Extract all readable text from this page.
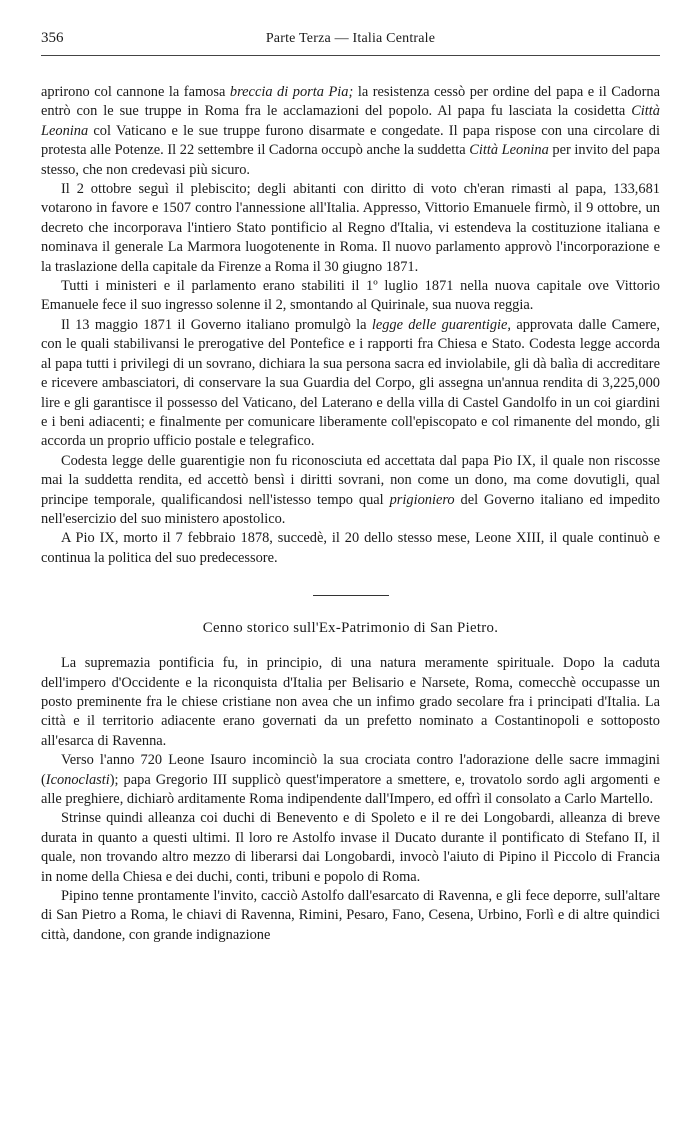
356	Parte Terza — Italia Centrale

aprirono col cannone la famosa breccia di porta Pia; la resistenza cessò per ordine del papa e il Cadorna entrò con le sue truppe in Roma fra le acclamazioni del popolo. Al papa fu lasciata la cosidetta Città Leonina col Vaticano e le sue truppe furono disarmate e congedate. Il papa rispose con una circolare di protesta alle Potenze. Il 22 settembre il Cadorna occupò anche la suddetta Città Leonina per invito del papa stesso, che non credevasi più sicuro.

Il 2 ottobre seguì il plebiscito; degli abitanti con diritto di voto ch'eran rimasti al papa, 133,681 votarono in favore e 1507 contro l'annessione all'Italia. Appresso, Vittorio Emanuele firmò, il 9 ottobre, un decreto che incorporava l'intiero Stato pontificio al Regno d'Italia, vi estendeva la costituzione italiana e nominava il generale La Marmora luogotenente in Roma. Il nuovo parlamento approvò l'incorporazione e la traslazione della capitale da Firenze a Roma il 30 giugno 1871.

Tutti i ministeri e il parlamento erano stabiliti il 1º luglio 1871 nella nuova capitale ove Vittorio Emanuele fece il suo ingresso solenne il 2, smontando al Quirinale, sua nuova reggia.

Il 13 maggio 1871 il Governo italiano promulgò la legge delle guarentigie, approvata dalle Camere, con le quali stabilivansi le prerogative del Pontefice e i rapporti fra Chiesa e Stato. Codesta legge accorda al papa tutti i privilegi di un sovrano, dichiara la sua persona sacra ed inviolabile, gli dà balìa di accreditare e ricevere ambasciatori, di conservare la sua Guardia del Corpo, gli assegna un'annua rendita di 3,225,000 lire e gli garantisce il possesso del Vaticano, del Laterano e della villa di Castel Gandolfo in un coi giardini e i beni adiacenti; e finalmente per comunicare liberamente coll'episcopato e col rimanente del mondo, gli accorda un proprio ufficio postale e telegrafico.

Codesta legge delle guarentigie non fu riconosciuta ed accettata dal papa Pio IX, il quale non riscosse mai la suddetta rendita, ed accettò bensì i diritti sovrani, non come un dono, ma come dovutigli, qual principe temporale, qualificandosi nell'istesso tempo qual prigioniero del Governo italiano ed impedito nell'esercizio del suo ministero apostolico.

A Pio IX, morto il 7 febbraio 1878, succedè, il 20 dello stesso mese, Leone XIII, il quale continuò e continua la politica del suo predecessore.

Cenno storico sull'Ex-Patrimonio di San Pietro.

La supremazia pontificia fu, in principio, di una natura meramente spirituale. Dopo la caduta dell'impero d'Occidente e la riconquista d'Italia per Belisario e Narsete, Roma, comecchè occupasse un posto preminente fra le chiese cristiane non avea che un infimo grado secolare fra i principati d'Italia. La città e il territorio adiacente erano governati da un prefetto nominato a Costantinopoli e sottoposto all'esarca di Ravenna.

Verso l'anno 720 Leone Isauro incominciò la sua crociata contro l'adorazione delle sacre immagini (Iconoclasti); papa Gregorio III supplicò quest'imperatore a smettere, e, trovatolo sordo agli argomenti e alle preghiere, dichiarò arditamente Roma indipendente dall'Impero, ed offrì il consolato a Carlo Martello.

Strinse quindi alleanza coi duchi di Benevento e di Spoleto e il re dei Longobardi, alleanza di breve durata in quanto a questi ultimi. Il loro re Astolfo invase il Ducato durante il pontificato di Stefano II, il quale, non trovando altro mezzo di liberarsi dai Longobardi, invocò l'aiuto di Pipino il Piccolo di Francia in nome della Chiesa e dei duchi, conti, tribuni e popolo di Roma.

Pipino tenne prontamente l'invito, cacciò Astolfo dall'esarcato di Ravenna, e gli fece deporre, sull'altare di San Pietro a Roma, le chiavi di Ravenna, Rimini, Pesaro, Fano, Cesena, Urbino, Forlì e di altre quindici città, dandone, con grande indignazione
